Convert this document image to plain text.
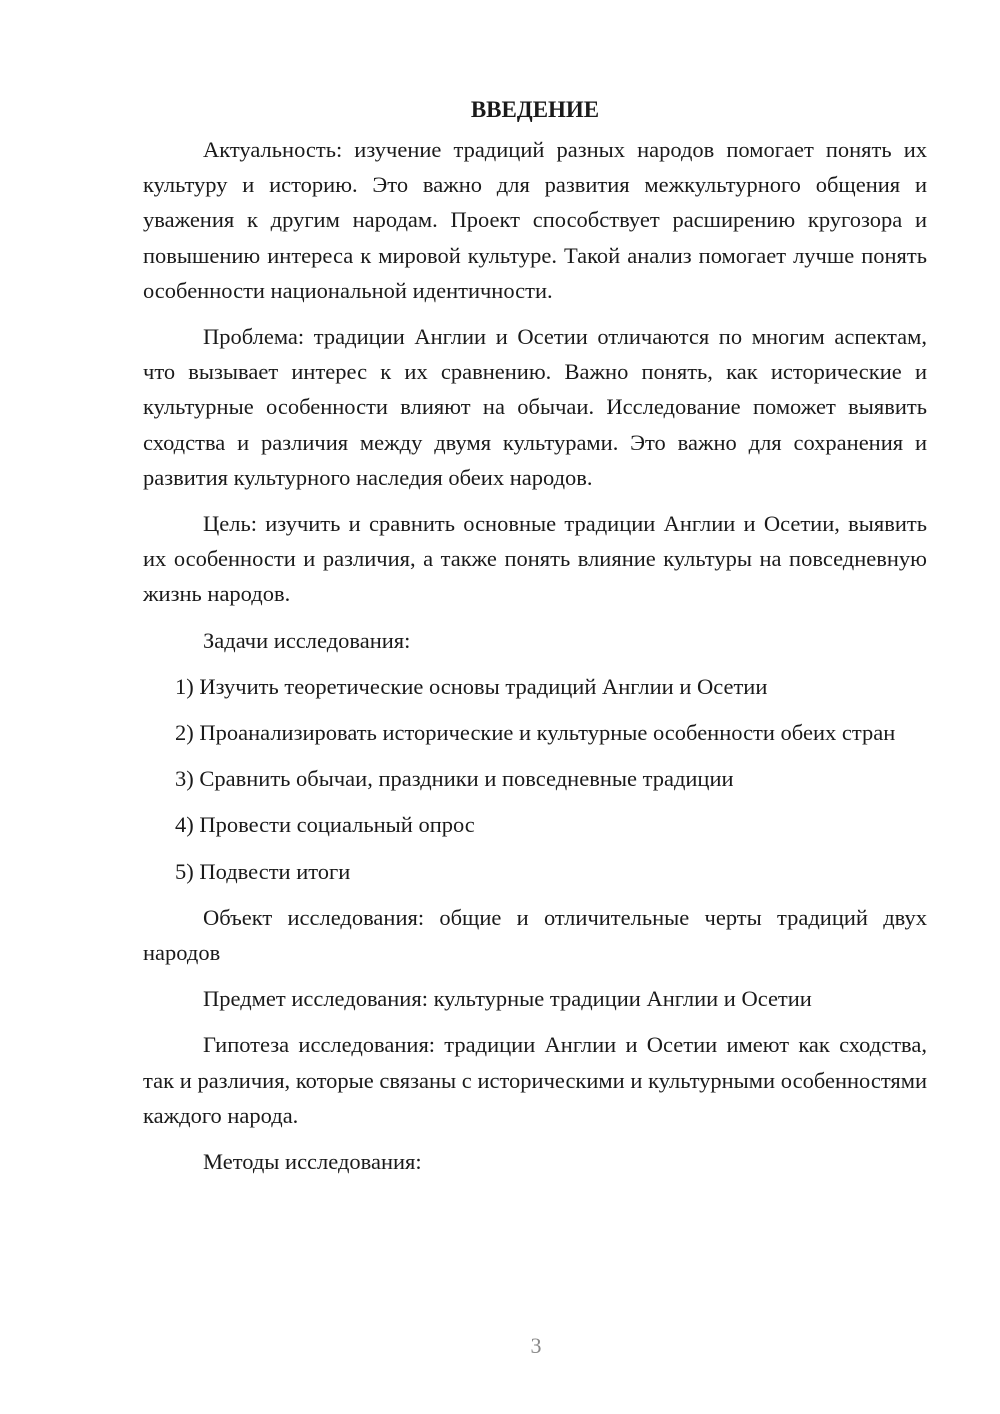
ВВЕДЕНИЕ

Актуальность: изучение традиций разных народов помогает понять их культуру и историю. Это важно для развития межкультурного общения и уважения к другим народам. Проект способствует расширению кругозора и повышению интереса к мировой культуре. Такой анализ помогает лучше понять особенности национальной идентичности.

Проблема: традиции Англии и Осетии отличаются по многим аспектам, что вызывает интерес к их сравнению. Важно понять, как исторические и культурные особенности влияют на обычаи. Исследование поможет выявить сходства и различия между двумя культурами. Это важно для сохранения и развития культурного наследия обеих народов.

Цель: изучить и сравнить основные традиции Англии и Осетии, выявить их особенности и различия, а также понять влияние культуры на повседневную жизнь народов.

Задачи исследования:

1) Изучить теоретические основы традиций Англии и Осетии

2) Проанализировать исторические и культурные особенности обеих стран

3) Сравнить обычаи, праздники и повседневные традиции

4) Провести социальный опрос

5) Подвести итоги

Объект исследования: общие и отличительные черты традиций двух народов

Предмет исследования: культурные традиции Англии и Осетии

Гипотеза исследования: традиции Англии и Осетии имеют как сходства, так и различия, которые связаны с историческими и культурными особенностями каждого народа.

Методы исследования:

3
